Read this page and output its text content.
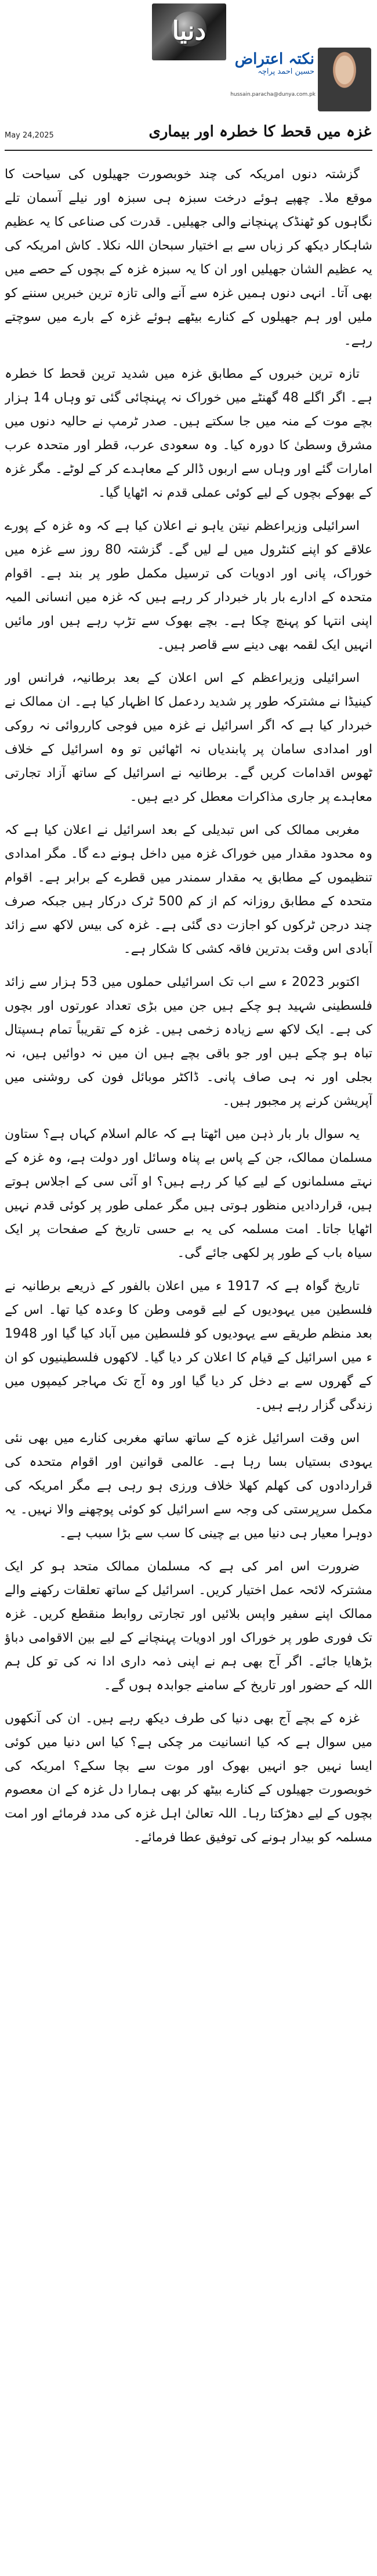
دنیا
نکتہ اعتراض
حسین احمد پراچہ
hussain.paracha@dunya.com.pk
غزہ میں قحط کا خطرہ اور بیماری
May 24,2025

گزشتہ دنوں امریکہ کی چند خوبصورت جھیلوں کی سیاحت کا موقع ملا۔ چھپے ہوئے درخت سبزہ ہی سبزہ اور نیلے آسمان تلے نگاہوں کو ٹھنڈک پہنچانے والی جھیلیں۔ قدرت کی صناعی کا یہ عظیم شاہکار دیکھ کر زباں سے بے اختیار سبحان اللہ نکلا۔ کاش امریکہ کی یہ عظیم الشان جھیلیں اور ان کا یہ سبزہ غزہ کے بچوں کے حصے میں بھی آتا۔ انہی دنوں ہمیں غزہ سے آنے والی تازہ ترین خبریں سننے کو ملیں اور ہم جھیلوں کے کنارے بیٹھے ہوئے غزہ کے بارے میں سوچتے رہے۔

تازہ ترین خبروں کے مطابق غزہ میں شدید ترین قحط کا خطرہ ہے۔ اگر اگلے 48 گھنٹے میں خوراک نہ پہنچائی گئی تو وہاں 14 ہزار بچے موت کے منہ میں جا سکتے ہیں۔ صدر ٹرمپ نے حالیہ دنوں میں مشرق وسطیٰ کا دورہ کیا۔ وہ سعودی عرب، قطر اور متحدہ عرب امارات گئے اور وہاں سے اربوں ڈالر کے معاہدے کر کے لوٹے۔ مگر غزہ کے بھوکے بچوں کے لیے کوئی عملی قدم نہ اٹھایا گیا۔

اسرائیلی وزیراعظم نیتن یاہو نے اعلان کیا ہے کہ وہ غزہ کے پورے علاقے کو اپنے کنٹرول میں لے لیں گے۔ گزشتہ 80 روز سے غزہ میں خوراک، پانی اور ادویات کی ترسیل مکمل طور پر بند ہے۔ اقوام متحدہ کے ادارے بار بار خبردار کر رہے ہیں کہ غزہ میں انسانی المیہ اپنی انتہا کو پہنچ چکا ہے۔ بچے بھوک سے تڑپ رہے ہیں اور مائیں انہیں ایک لقمہ بھی دینے سے قاصر ہیں۔

اسرائیلی وزیراعظم کے اس اعلان کے بعد برطانیہ، فرانس اور کینیڈا نے مشترکہ طور پر شدید ردعمل کا اظہار کیا ہے۔ ان ممالک نے خبردار کیا ہے کہ اگر اسرائیل نے غزہ میں فوجی کارروائی نہ روکی اور امدادی سامان پر پابندیاں نہ اٹھائیں تو وہ اسرائیل کے خلاف ٹھوس اقدامات کریں گے۔ برطانیہ نے اسرائیل کے ساتھ آزاد تجارتی معاہدے پر جاری مذاکرات معطل کر دیے ہیں۔

مغربی ممالک کی اس تبدیلی کے بعد اسرائیل نے اعلان کیا ہے کہ وہ محدود مقدار میں خوراک غزہ میں داخل ہونے دے گا۔ مگر امدادی تنظیموں کے مطابق یہ مقدار سمندر میں قطرے کے برابر ہے۔ اقوام متحدہ کے مطابق روزانہ کم از کم 500 ٹرک درکار ہیں جبکہ صرف چند درجن ٹرکوں کو اجازت دی گئی ہے۔ غزہ کی بیس لاکھ سے زائد آبادی اس وقت بدترین فاقہ کشی کا شکار ہے۔

اکتوبر 2023 ء سے اب تک اسرائیلی حملوں میں 53 ہزار سے زائد فلسطینی شہید ہو چکے ہیں جن میں بڑی تعداد عورتوں اور بچوں کی ہے۔ ایک لاکھ سے زیادہ زخمی ہیں۔ غزہ کے تقریباً تمام ہسپتال تباہ ہو چکے ہیں اور جو باقی بچے ہیں ان میں نہ دوائیں ہیں، نہ بجلی اور نہ ہی صاف پانی۔ ڈاکٹر موبائل فون کی روشنی میں آپریشن کرنے پر مجبور ہیں۔

یہ سوال بار بار ذہن میں اٹھتا ہے کہ عالم اسلام کہاں ہے؟ ستاون مسلمان ممالک، جن کے پاس بے پناہ وسائل اور دولت ہے، وہ غزہ کے نہتے مسلمانوں کے لیے کیا کر رہے ہیں؟ او آئی سی کے اجلاس ہوتے ہیں، قراردادیں منظور ہوتی ہیں مگر عملی طور پر کوئی قدم نہیں اٹھایا جاتا۔ امت مسلمہ کی یہ بے حسی تاریخ کے صفحات پر ایک سیاہ باب کے طور پر لکھی جائے گی۔

تاریخ گواہ ہے کہ 1917 ء میں اعلان بالفور کے ذریعے برطانیہ نے فلسطین میں یہودیوں کے لیے قومی وطن کا وعدہ کیا تھا۔ اس کے بعد منظم طریقے سے یہودیوں کو فلسطین میں آباد کیا گیا اور 1948 ء میں اسرائیل کے قیام کا اعلان کر دیا گیا۔ لاکھوں فلسطینیوں کو ان کے گھروں سے بے دخل کر دیا گیا اور وہ آج تک مہاجر کیمپوں میں زندگی گزار رہے ہیں۔

اس وقت اسرائیل غزہ کے ساتھ ساتھ مغربی کنارے میں بھی نئی یہودی بستیاں بسا رہا ہے۔ عالمی قوانین اور اقوام متحدہ کی قراردادوں کی کھلم کھلا خلاف ورزی ہو رہی ہے مگر امریکہ کی مکمل سرپرستی کی وجہ سے اسرائیل کو کوئی پوچھنے والا نہیں۔ یہ دوہرا معیار ہی دنیا میں بے چینی کا سب سے بڑا سبب ہے۔

ضرورت اس امر کی ہے کہ مسلمان ممالک متحد ہو کر ایک مشترکہ لائحہ عمل اختیار کریں۔ اسرائیل کے ساتھ تعلقات رکھنے والے ممالک اپنے سفیر واپس بلائیں اور تجارتی روابط منقطع کریں۔ غزہ تک فوری طور پر خوراک اور ادویات پہنچانے کے لیے بین الاقوامی دباؤ بڑھایا جائے۔ اگر آج بھی ہم نے اپنی ذمہ داری ادا نہ کی تو کل ہم اللہ کے حضور اور تاریخ کے سامنے جوابدہ ہوں گے۔

غزہ کے بچے آج بھی دنیا کی طرف دیکھ رہے ہیں۔ ان کی آنکھوں میں سوال ہے کہ کیا انسانیت مر چکی ہے؟ کیا اس دنیا میں کوئی ایسا نہیں جو انہیں بھوک اور موت سے بچا سکے؟ امریکہ کی خوبصورت جھیلوں کے کنارے بیٹھ کر بھی ہمارا دل غزہ کے ان معصوم بچوں کے لیے دھڑکتا رہا۔ اللہ تعالیٰ اہل غزہ کی مدد فرمائے اور امت مسلمہ کو بیدار ہونے کی توفیق عطا فرمائے۔
